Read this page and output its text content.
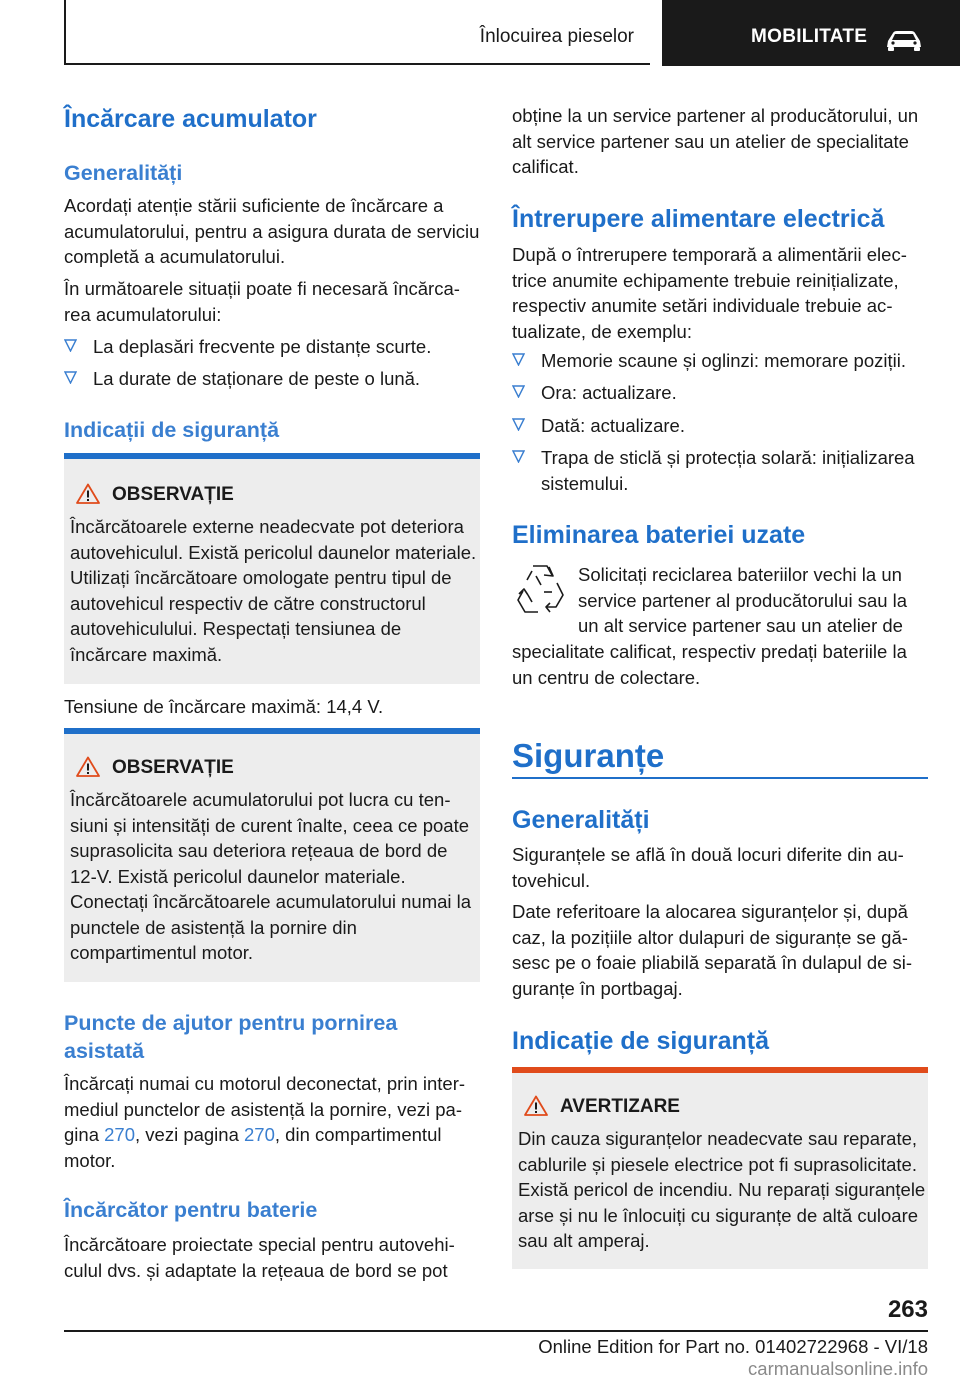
Înlocuirea pieselor	MOBILITATE
Încărcare acumulator
Generalități
Acordați atenție stării suficiente de încărcare a acumulatorului, pentru a asigura durata de serviciu completă a acumulatorului.
În următoarele situații poate fi necesară încărcarea acumulatorului:
La deplasări frecvente pe distanțe scurte.
La durate de staționare de peste o lună.
Indicații de siguranță
OBSERVAȚIE
Încărcătoarele externe neadecvate pot deteriora autovehiculul. Există pericolul daunelor materiale. Utilizați încărcătoare omologate pentru tipul de autovehicul respectiv de către constructorul autovehiculului. Respectați tensiunea de încărcare maximă.
Tensiune de încărcare maximă: 14,4 V.
OBSERVAȚIE
Încărcătoarele acumulatorului pot lucra cu tensiuni și intensități de curent înalte, ceea ce poate suprasolicita sau deteriora rețeaua de bord de 12-V. Există pericolul daunelor materiale. Conectați încărcătoarele acumulatorului numai la punctele de asistență la pornire din compartimentul motor.
Puncte de ajutor pentru pornirea asistată
Încărcați numai cu motorul deconectat, prin intermediul punctelor de asistență la pornire, vezi pagina 270, vezi pagina 270, din compartimentul motor.
Încărcător pentru baterie
Încărcătoare proiectate special pentru autovehiculul dvs. și adaptate la rețeaua de bord se pot
obține la un service partener al producătorului, un alt service partener sau un atelier de specialitate calificat.
Întrerupere alimentare electrică
După o întrerupere temporară a alimentării electrice anumite echipamente trebuie reinițializate, respectiv anumite setări individuale trebuie actualizate, de exemplu:
Memorie scaune și oglinzi: memorare poziții.
Ora: actualizare.
Dată: actualizare.
Trapa de sticlă și protecția solară: inițializarea sistemului.
Eliminarea bateriei uzate
Solicitați reciclarea bateriilor vechi la un service partener al producătorului sau la un alt service partener sau un atelier de
specialitate calificat, respectiv predați bateriile la un centru de colectare.
Siguranțe
Generalități
Siguranțele se află în două locuri diferite din autovehicul.
Date referitoare la alocarea siguranțelor și, după caz, la pozițiile altor dulapuri de siguranțe se găsesc pe o foaie pliabilă separată în dulapul de siguranțe în portbagaj.
Indicație de siguranță
AVERTIZARE
Din cauza siguranțelor neadecvate sau reparate, cablurile și piesele electrice pot fi suprasolicitate. Există pericol de incendiu. Nu reparați siguranțele arse și nu le înlocuiți cu siguranțe de altă culoare sau alt amperaj.
263
Online Edition for Part no. 01402722968 - VI/18 carmanualsonline.info
